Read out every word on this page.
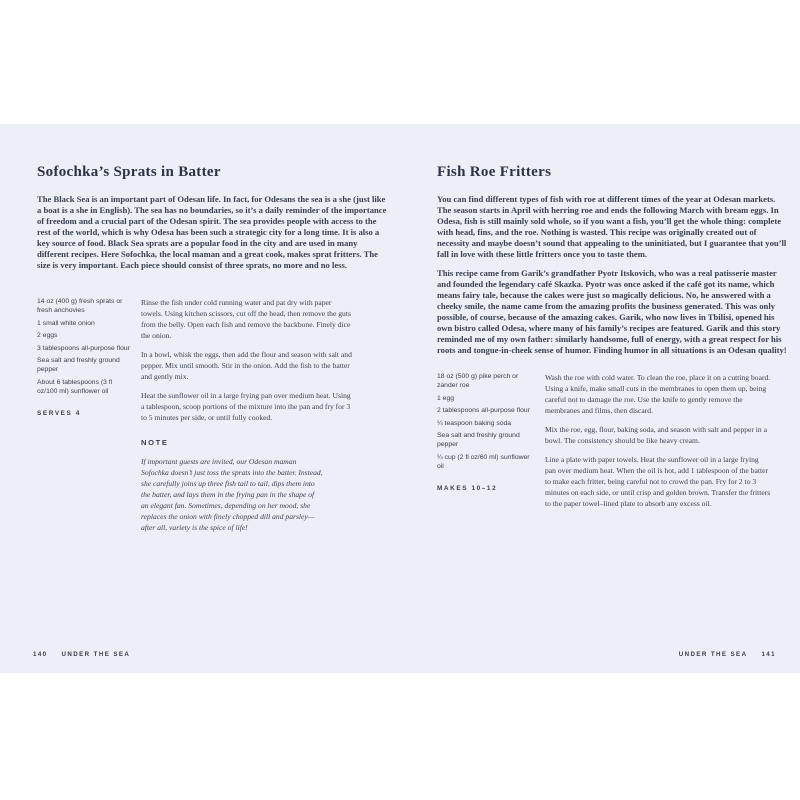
Sofochka’s Sprats in Batter

The Black Sea is an important part of Odesan life. In fact, for Odesans the sea is a she (just like a boat is a she in English). The sea has no boundaries, so it’s a daily reminder of the importance of freedom and a crucial part of the Odesan spirit. The sea provides people with access to the rest of the world, which is why Odesa has been such a strategic city for a long time. It is also a key source of food. Black Sea sprats are a popular food in the city and are used in many different recipes. Here Sofochka, the local maman and a great cook, makes sprat fritters. The size is very important. Each piece should consist of three sprats, no more and no less.

14 oz (400 g) fresh sprats or fresh anchovies

1 small white onion

2 eggs

3 tablespoons all-purpose flour

Sea salt and freshly ground pepper

About 6 tablespoons (3 fl oz/100 ml) sunflower oil

SERVES 4

Rinse the fish under cold running water and pat dry with paper towels. Using kitchen scissors, cut off the head, then remove the guts from the belly. Open each fish and remove the backbone. Finely dice the onion.

In a bowl, whisk the eggs, then add the flour and season with salt and pepper. Mix until smooth. Stir in the onion. Add the fish to the batter and gently mix.

Heat the sunflower oil in a large frying pan over medium heat. Using a tablespoon, scoop portions of the mixture into the pan and fry for 3 to 5 minutes per side, or until fully cooked.

NOTE

If important guests are invited, our Odesan maman Sofochka doesn’t just toss the sprats into the batter. Instead, she carefully joins up three fish tail to tail, dips them into the batter, and lays them in the frying pan in the shape of an elegant fan. Sometimes, depending on her mood, she replaces the onion with finely chopped dill and parsley—after all, variety is the spice of life!

Fish Roe Fritters

You can find different types of fish with roe at different times of the year at Odesan markets. The season starts in April with herring roe and ends the following March with bream eggs. In Odesa, fish is still mainly sold whole, so if you want a fish, you’ll get the whole thing: complete with head, fins, and the roe. Nothing is wasted. This recipe was originally created out of necessity and maybe doesn’t sound that appealing to the uninitiated, but I guarantee that you’ll fall in love with these little fritters once you to taste them.

This recipe came from Garik’s grandfather Pyotr Itskovich, who was a real patisserie master and founded the legendary café Skazka. Pyotr was once asked if the café got its name, which means fairy tale, because the cakes were just so magically delicious. No, he answered with a cheeky smile, the name came from the amazing profits the business generated. This was only possible, of course, because of the amazing cakes. Garik, who now lives in Tbilisi, opened his own bistro called Odesa, where many of his family’s recipes are featured. Garik and this story reminded me of my own father: similarly handsome, full of energy, with a great respect for his roots and tongue-in-cheek sense of humor. Finding humor in all situations is an Odesan quality!

18 oz (500 g) pike perch or zander roe

1 egg

2 tablespoons all-purpose flour

¼ teaspoon baking soda

Sea salt and freshly ground pepper

¼ cup (2 fl oz/60 ml) sunflower oil

MAKES 10–12

Wash the roe with cold water. To clean the roe, place it on a cutting board. Using a knife, make small cuts in the membranes to open them up, being careful not to damage the roe. Use the knife to gently remove the membranes and films, then discard.

Mix the roe, egg, flour, baking soda, and season with salt and pepper in a bowl. The consistency should be like heavy cream.

Line a plate with paper towels. Heat the sunflower oil in a large frying pan over medium heat. When the oil is hot, add 1 tablespoon of the batter to make each fritter, being careful not to crowd the pan. Fry for 2 to 3 minutes on each side, or until crisp and golden brown. Transfer the fritters to the paper towel–lined plate to absorb any excess oil.

140 UNDER THE SEA	UNDER THE SEA 141
